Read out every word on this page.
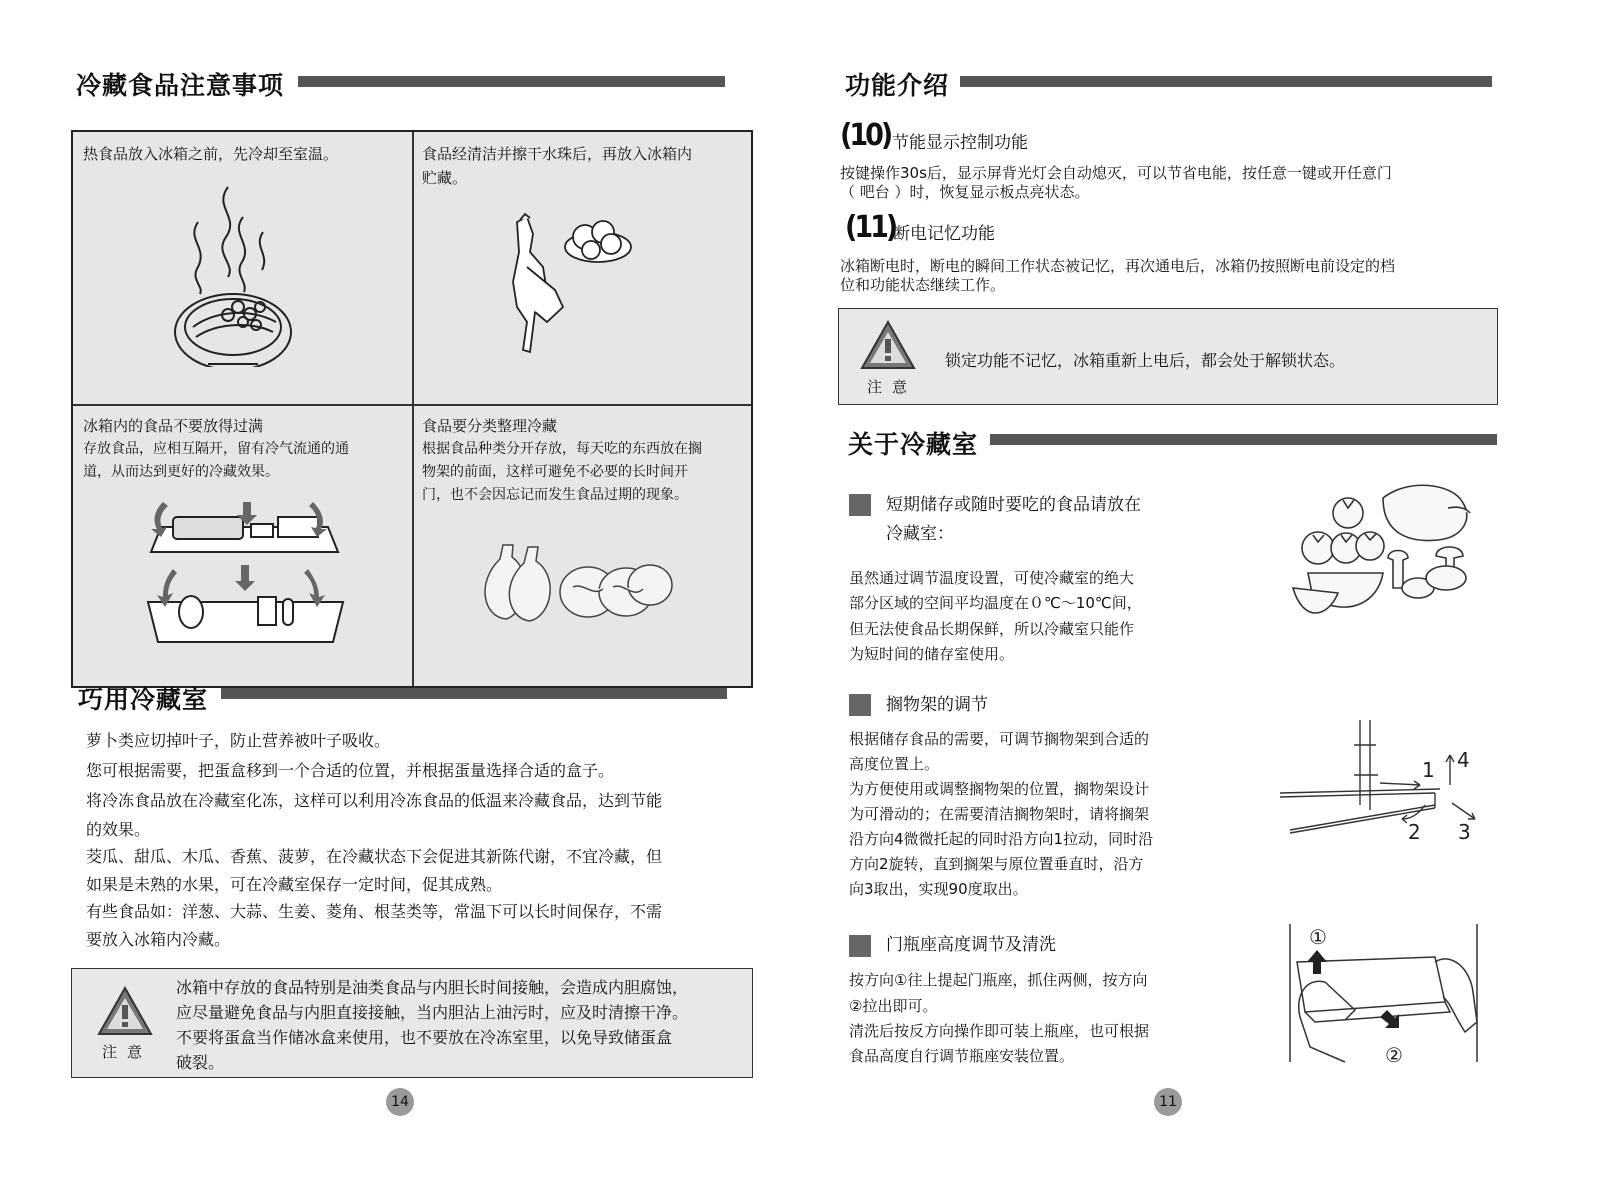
冷藏食品注意事项
热食品放入冰箱之前，先冷却至室温。	食品经清洁并擦干水珠后，再放入冰箱内
贮藏。
冰箱内的食品不要放得过满
存放食品，应相互隔开，留有冷气流通的通
道，从而达到更好的冷藏效果。
食品要分类整理冷藏
根据食品种类分开存放，每天吃的东西放在搁
物架的前面，这样可避免不必要的长时间开
门，也不会因忘记而发生食品过期的现象。
巧用冷藏室
萝卜类应切掉叶子，防止营养被叶子吸收。
您可根据需要，把蛋盒移到一个合适的位置，并根据蛋量选择合适的盒子。
将冷冻食品放在冷藏室化冻，这样可以利用冷冻食品的低温来冷藏食品，达到节能
的效果。
茭瓜、甜瓜、木瓜、香蕉、菠萝，在冷藏状态下会促进其新陈代谢，不宜冷藏，但
如果是未熟的水果，可在冷藏室保存一定时间，促其成熟。
有些食品如：洋葱、大蒜、生姜、菱角、根茎类等，常温下可以长时间保存，不需
要放入冰箱内冷藏。
注意
冰箱中存放的食品特别是油类食品与内胆长时间接触，会造成内胆腐蚀，
应尽量避免食品与内胆直接接触，当内胆沾上油污时，应及时清擦干净。
不要将蛋盒当作储冰盒来使用，也不要放在冷冻室里，以免导致储蛋盒
破裂。
14
功能介绍
(10) 节能显示控制功能
按键操作30s后，显示屏背光灯会自动熄灭，可以节省电能，按任意一键或开任意门
（ 吧台 ）时，恢复显示板点亮状态。
(11)
断电记忆功能
冰箱断电时，断电的瞬间工作状态被记忆，再次通电后，冰箱仍按照断电前设定的档
位和功能状态继续工作。
注意
锁定功能不记忆，冰箱重新上电后，都会处于解锁状态。
关于冷藏室
短期储存或随时要吃的食品请放在
冷藏室：
虽然通过调节温度设置，可使冷藏室的绝大
部分区域的空间平均温度在０℃～10℃间，
但无法使食品长期保鲜，所以冷藏室只能作
为短时间的储存室使用。
搁物架的调节
根据储存食品的需要，可调节搁物架到合适的
高度位置上。
为方便使用或调整搁物架的位置，搁物架设计
为可滑动的；在需要清洁搁物架时，请将搁架
沿方向4微微托起的同时沿方向1拉动，同时沿
方向2旋转，直到搁架与原位置垂直时，沿方
向3取出，实现90度取出。
1
2 3
4
门瓶座高度调节及清洗
按方向①往上提起门瓶座，抓住两侧，按方向
②拉出即可。
清洗后按反方向操作即可装上瓶座，也可根据
食品高度自行调节瓶座安装位置。
①
②
11
